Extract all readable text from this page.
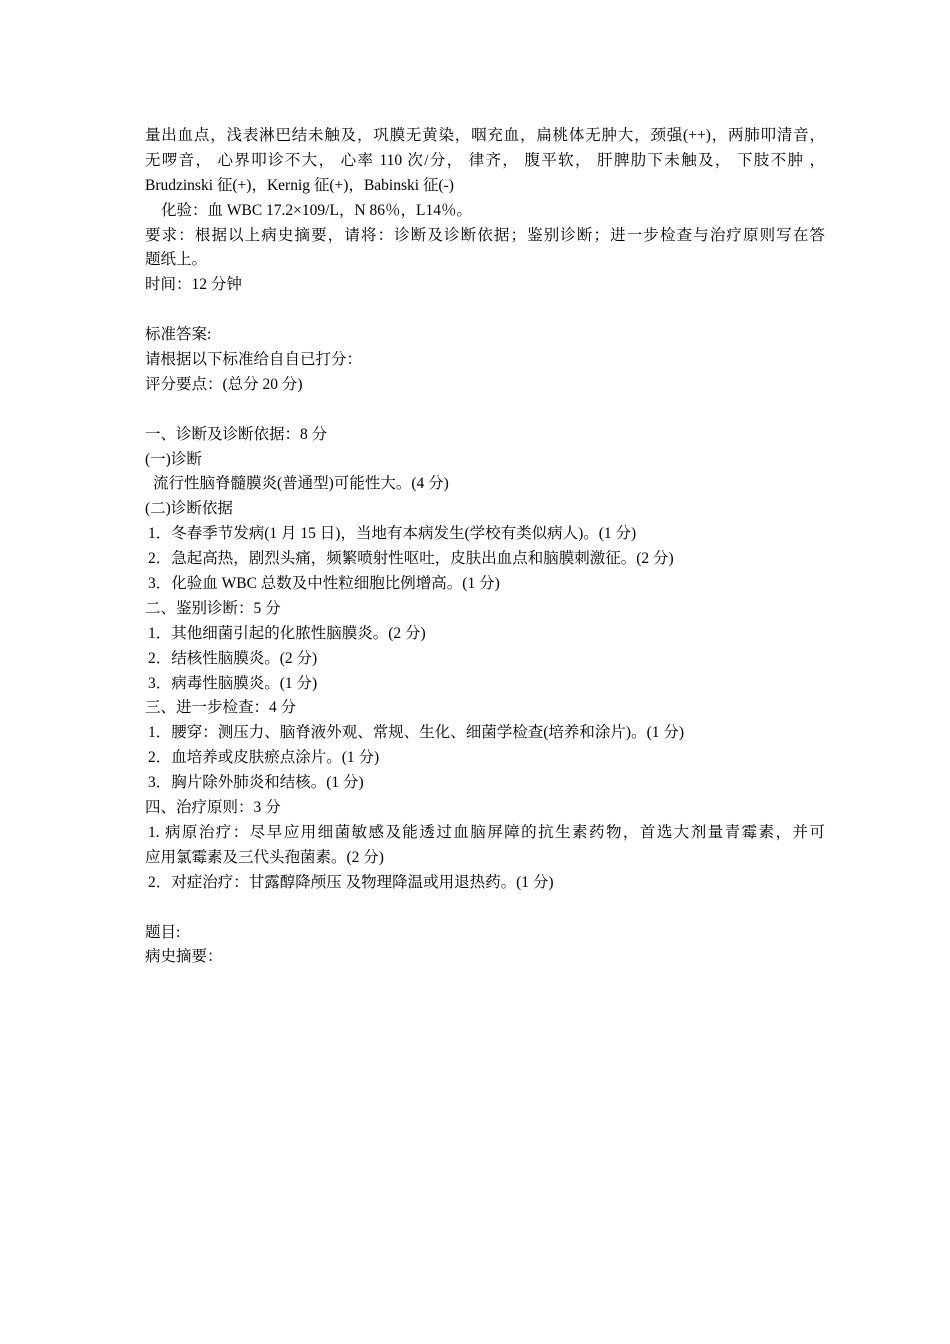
量出血点，浅表淋巴结未触及，巩膜无黄染，咽充血，扁桃体无肿大，颈强(++)，两肺叩清音，
无啰音， 心界叩诊不大， 心率 110 次/分， 律齐， 腹平软， 肝脾肋下未触及， 下肢不肿 ，
Brudzinski 征(+)，Kernig 征(+)，Babinski 征(-)
化验：血 WBC 17.2×109/L，N 86％，L14％。
要求：根据以上病史摘要，请将：诊断及诊断依据；鉴别诊断；进一步检查与治疗原则写在答
题纸上。
时间：12 分钟
标准答案:
请根据以下标准给自自已打分：
评分要点：(总分 20 分)
一、诊断及诊断依据：8 分
(一)诊断
流行性脑脊髓膜炎(普通型)可能性大。(4 分)
(二)诊断依据
1．冬春季节发病(1 月 15 日)，当地有本病发生(学校有类似病人)。(1 分)
2．急起高热，剧烈头痛，频繁喷射性呕吐，皮肤出血点和脑膜刺激征。(2 分)
3．化验血 WBC 总数及中性粒细胞比例增高。(1 分)
二、鉴别诊断：5 分
1．其他细菌引起的化脓性脑膜炎。(2 分)
2．结核性脑膜炎。(2 分)
3．病毒性脑膜炎。(1 分)
三、进一步检查：4 分
1．腰穿：测压力、脑脊液外观、常规、生化、细菌学检查(培养和涂片)。(1 分)
2．血培养或皮肤瘀点涂片。(1 分)
3．胸片除外肺炎和结核。(1 分)
四、治疗原则：3 分
1. 病原治疗：尽早应用细菌敏感及能透过血脑屏障的抗生素药物，首选大剂量青霉素，并可
应用氯霉素及三代头孢菌素。(2 分)
2．对症治疗：甘露醇降颅压 及物理降温或用退热药。(1 分)
题目:
病史摘要：
